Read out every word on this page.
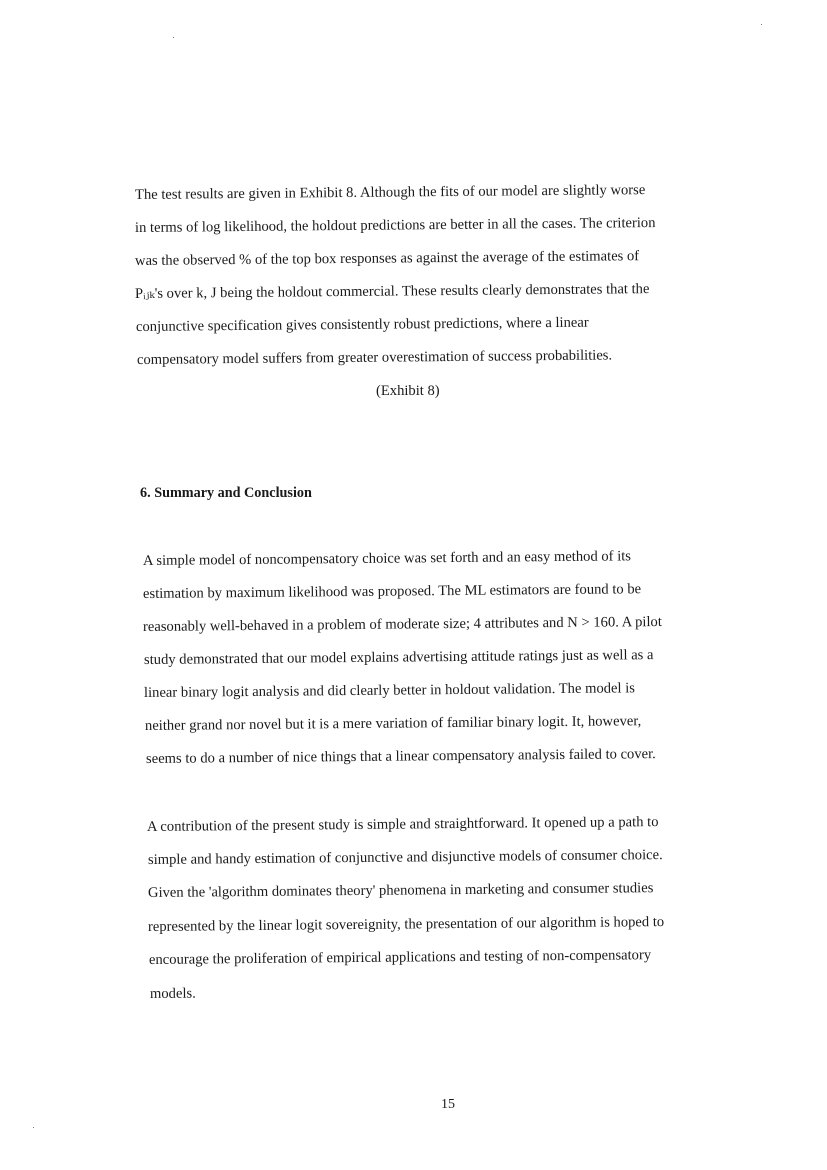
The test results are given in Exhibit 8. Although the fits of our model are slightly worse
in terms of log likelihood, the holdout predictions are better in all the cases. The criterion
was the observed % of the top box responses as against the average of the estimates of
Pᵢⱼₖ's over k, J being the holdout commercial. These results clearly demonstrates that the
conjunctive specification gives consistently robust predictions, where a linear
compensatory model suffers from greater overestimation of success probabilities.
(Exhibit 8)
6. Summary and Conclusion
A simple model of noncompensatory choice was set forth and an easy method of its
estimation by maximum likelihood was proposed. The ML estimators are found to be
reasonably well-behaved in a problem of moderate size; 4 attributes and N > 160. A pilot
study demonstrated that our model explains advertising attitude ratings just as well as a
linear binary logit analysis and did clearly better in holdout validation. The model is
neither grand nor novel but it is a mere variation of familiar binary logit. It, however,
seems to do a number of nice things that a linear compensatory analysis failed to cover.
A contribution of the present study is simple and straightforward. It opened up a path to
simple and handy estimation of conjunctive and disjunctive models of consumer choice.
Given the 'algorithm dominates theory' phenomena in marketing and consumer studies
represented by the linear logit sovereignity, the presentation of our algorithm is hoped to
encourage the proliferation of empirical applications and testing of non-compensatory
models.
15
